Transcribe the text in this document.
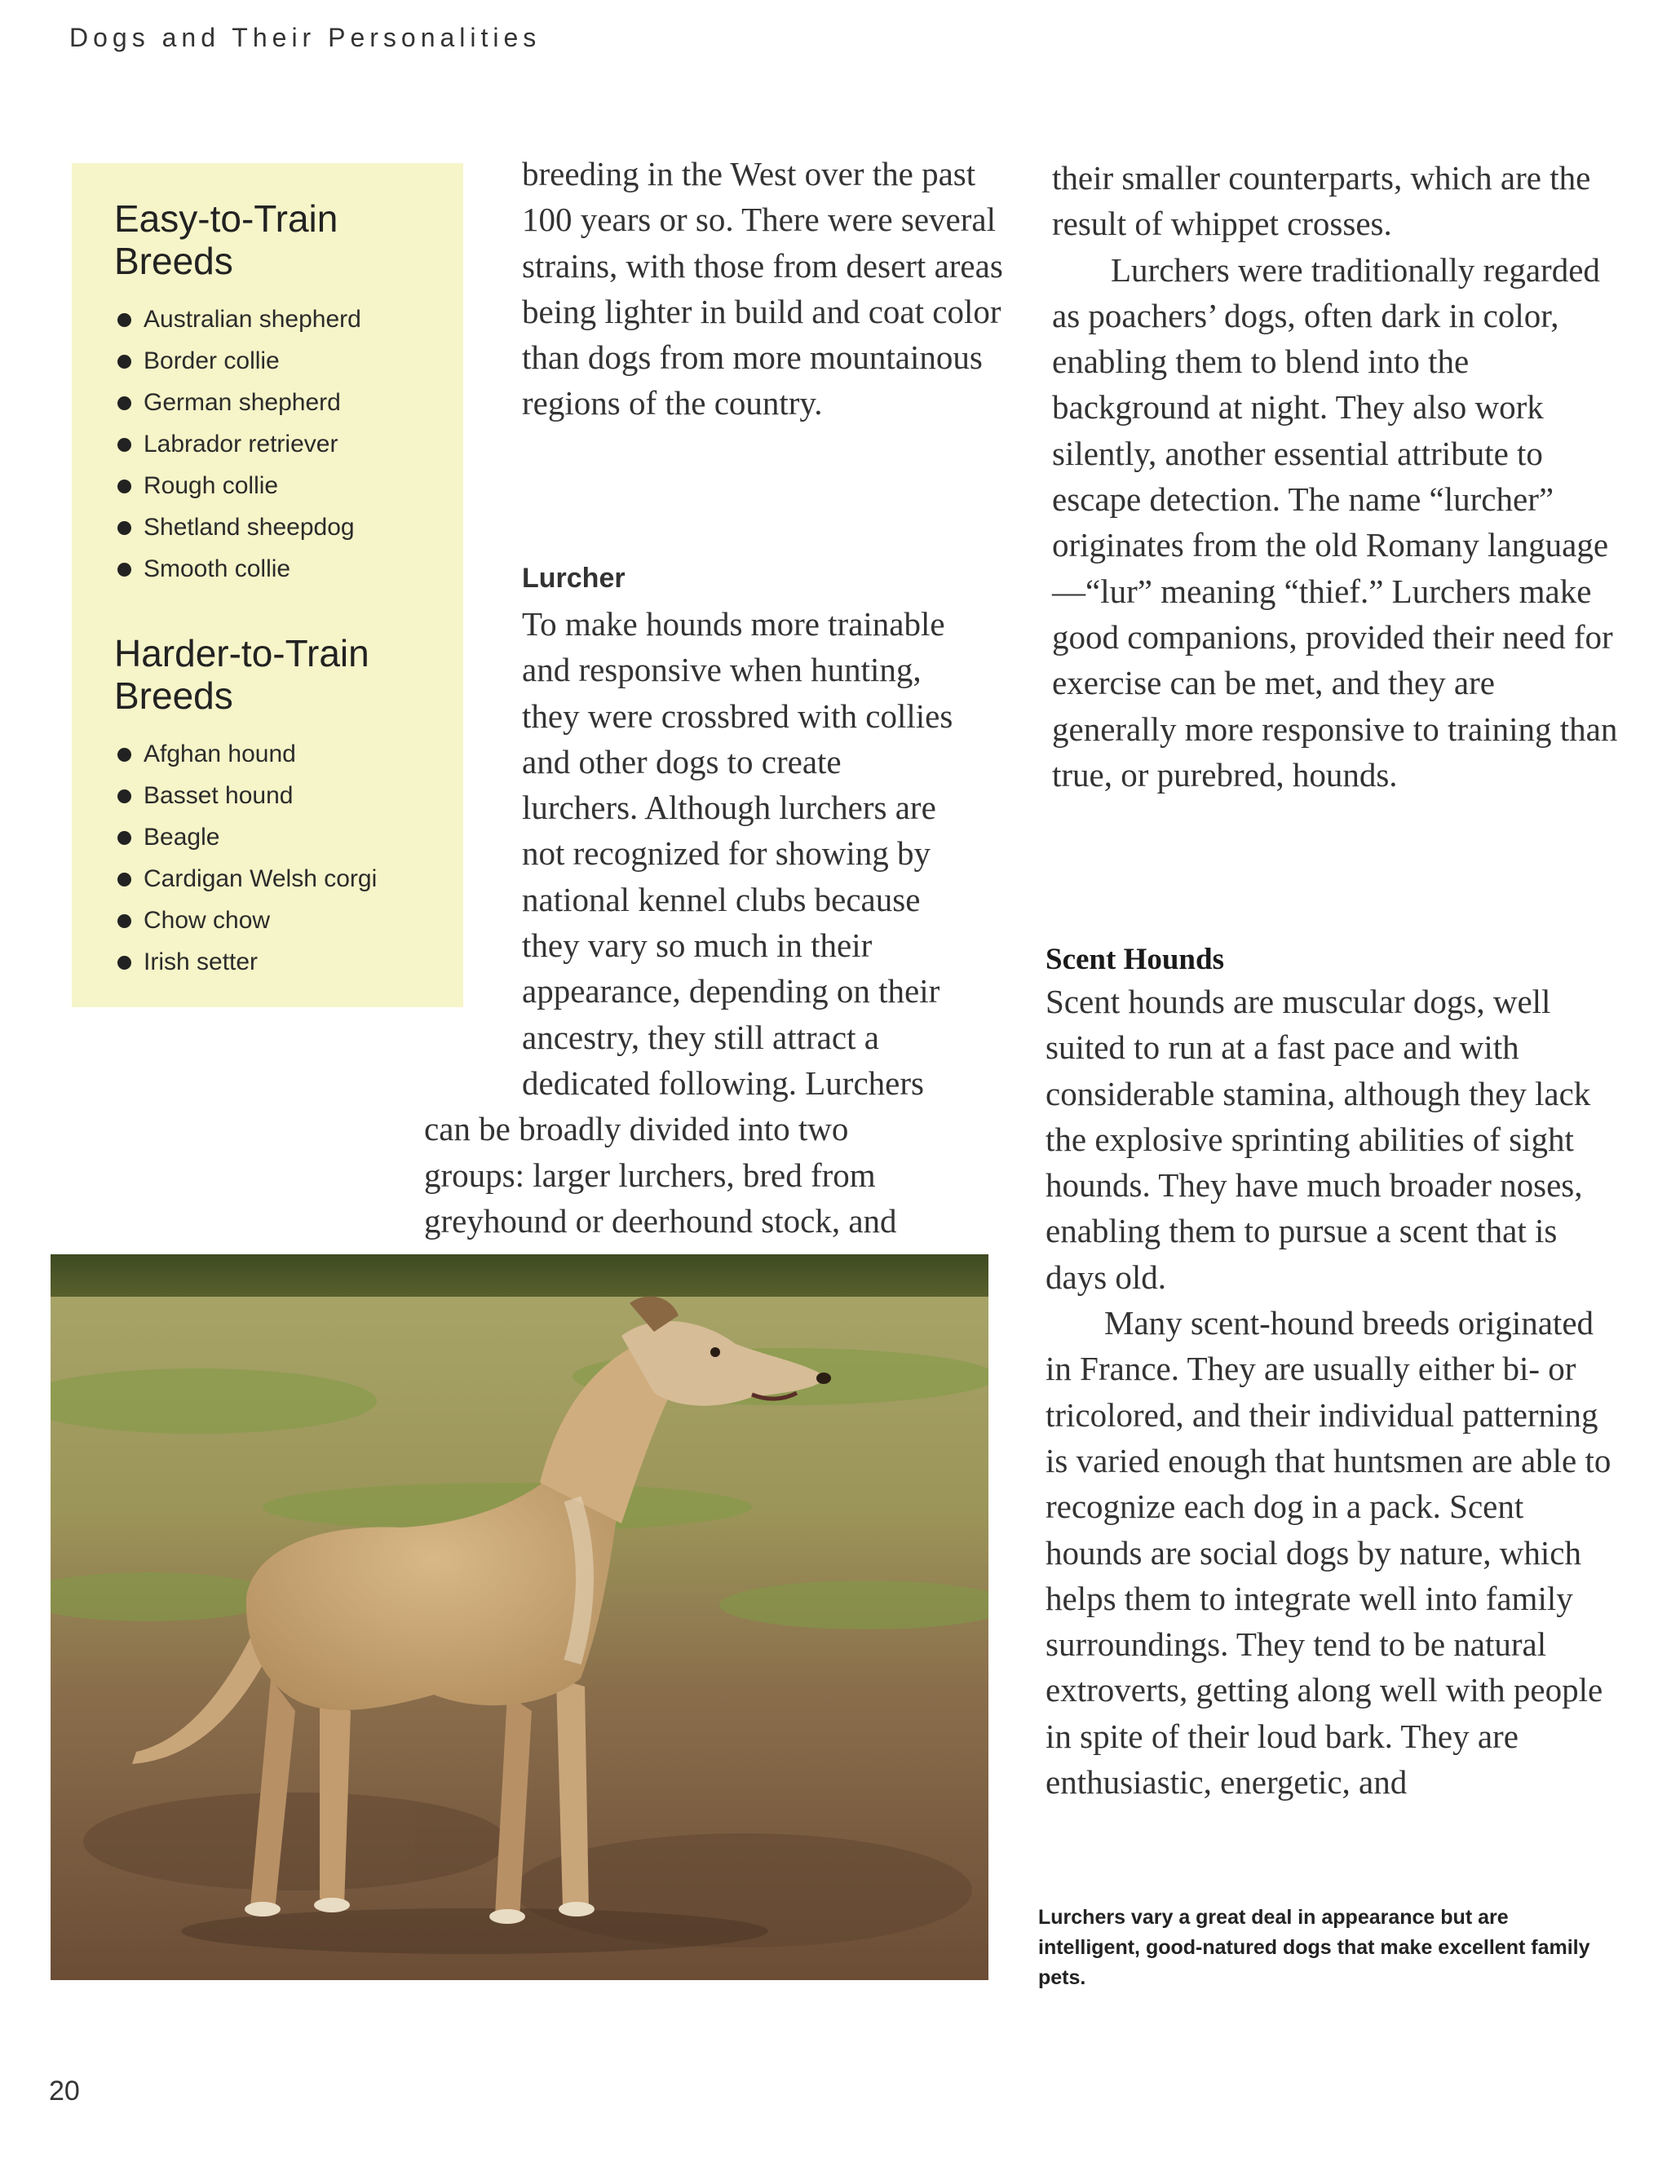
Dogs and Their Personalities
Easy-to-Train Breeds
Australian shepherd
Border collie
German shepherd
Labrador retriever
Rough collie
Shetland sheepdog
Smooth collie
Harder-to-Train Breeds
Afghan hound
Basset hound
Beagle
Cardigan Welsh corgi
Chow chow
Irish setter

breeding in the West over the past 100 years or so. There were several strains, with those from desert areas being lighter in build and coat color than dogs from more mountainous regions of the country.

Lurcher

To make hounds more trainable
and responsive when hunting,
they were crossbred with collies
and other dogs to create
lurchers. Although lurchers are
not recognized for showing by
national kennel clubs because
they vary so much in their
appearance, depending on their
ancestry, they still attract a
dedicated following. Lurchers
can be broadly divided into two
groups: larger lurchers, bred from
greyhound or deerhound stock, and

their smaller counterparts, which are the result of whippet crosses.

Lurchers were traditionally regarded as poachers’ dogs, often dark in color, enabling them to blend into the background at night. They also work silently, another essential attribute to escape detection. The name “lurcher” originates from the old Romany language—“lur” meaning “thief.” Lurchers make good companions, provided their need for exercise can be met, and they are generally more responsive to training than true, or purebred, hounds.

Scent Hounds

Scent hounds are muscular dogs, well suited to run at a fast pace and with considerable stamina, although they lack the explosive sprinting abilities of sight hounds. They have much broader noses, enabling them to pursue a scent that is days old.

Many scent-hound breeds originated in France. They are usually either bi- or tricolored, and their individual patterning is varied enough that huntsmen are able to recognize each dog in a pack. Scent hounds are social dogs by nature, which helps them to integrate well into family surroundings. They tend to be natural extroverts, getting along well with people in spite of their loud bark. They are enthusiastic, energetic, and

Lurchers vary a great deal in appearance but are intelligent, good-natured dogs that make excellent family pets.

20
